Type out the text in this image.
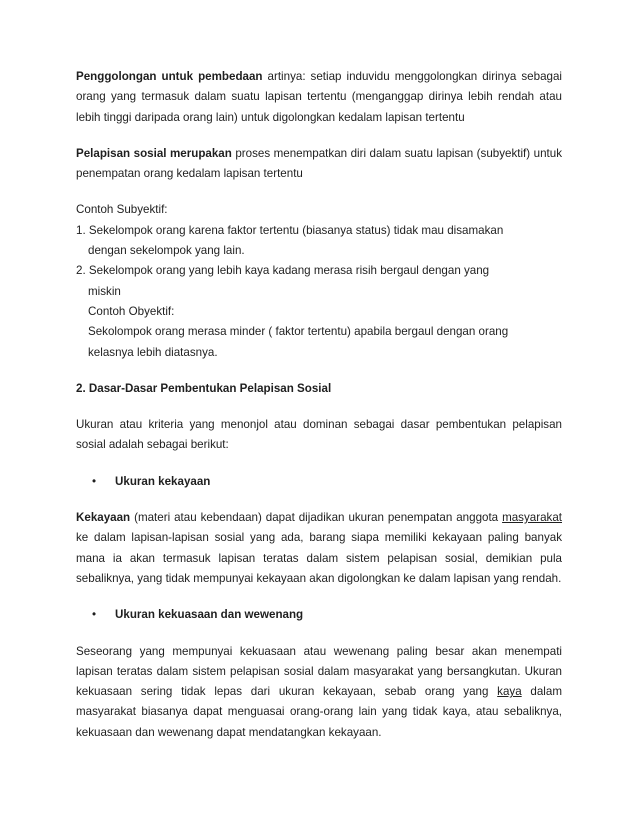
Penggolongan untuk pembedaan artinya: setiap induvidu menggolongkan dirinya sebagai orang yang termasuk dalam suatu lapisan tertentu (menganggap dirinya lebih rendah atau lebih tinggi daripada orang lain) untuk digolongkan kedalam lapisan tertentu

Pelapisan sosial merupakan proses menempatkan diri dalam suatu lapisan (subyektif) untuk penempatan orang kedalam lapisan tertentu

Contoh Subyektif:
1. Sekelompok orang karena faktor tertentu (biasanya status) tidak mau disamakan
dengan sekelompok yang lain.
2. Sekelompok orang yang lebih kaya kadang merasa risih bergaul dengan yang
miskin
Contoh Obyektif:
Sekolompok orang merasa minder ( faktor tertentu) apabila bergaul dengan orang
kelasnya lebih diatasnya.
2. Dasar-Dasar Pembentukan Pelapisan Sosial

Ukuran atau kriteria yang menonjol atau dominan sebagai dasar pembentukan pelapisan sosial adalah sebagai berikut:

• Ukuran kekayaan

Kekayaan (materi atau kebendaan) dapat dijadikan ukuran penempatan anggota masyarakat ke dalam lapisan-lapisan sosial yang ada, barang siapa memiliki kekayaan paling banyak mana ia akan termasuk lapisan teratas dalam sistem pelapisan sosial, demikian pula sebaliknya, yang tidak mempunyai kekayaan akan digolongkan ke dalam lapisan yang rendah.

• Ukuran kekuasaan dan wewenang

Seseorang yang mempunyai kekuasaan atau wewenang paling besar akan menempati lapisan teratas dalam sistem pelapisan sosial dalam masyarakat yang bersangkutan. Ukuran kekuasaan sering tidak lepas dari ukuran kekayaan, sebab orang yang kaya dalam masyarakat biasanya dapat menguasai orang-orang lain yang tidak kaya, atau sebaliknya, kekuasaan dan wewenang dapat mendatangkan kekayaan.
